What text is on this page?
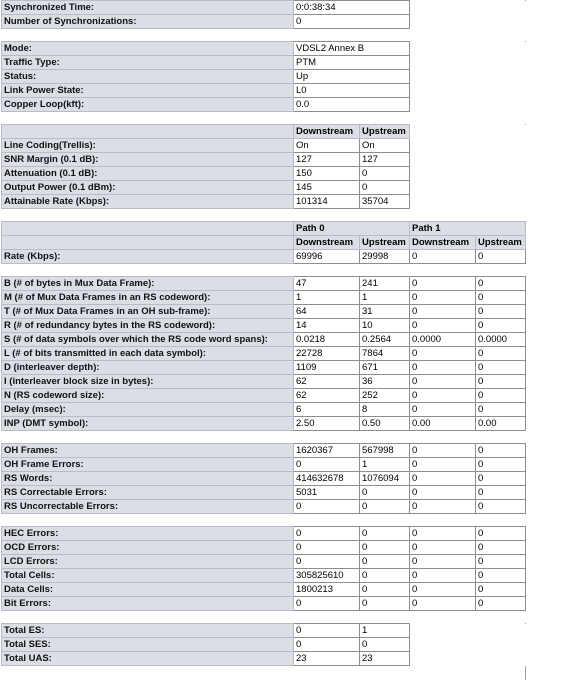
Synchronized Time:	0:0:38:34			
Number of Synchronizations:	0			

Mode:	VDSL2 Annex B			
Traffic Type:	PTM			
Status:	Up			
Link Power State:	L0			
Copper Loop(kft):	0.0			

	Downstream	Upstream		
Line Coding(Trellis):	On	On		
SNR Margin (0.1 dB):	127	127		
Attenuation (0.1 dB):	150	0		
Output Power (0.1 dBm):	145	0		
Attainable Rate (Kbps):	101314	35704		

	Path 0		Path 1	
	Downstream	Upstream	Downstream	Upstream
Rate (Kbps):	69996	29998	0	0

B (# of bytes in Mux Data Frame):	47	241	0	0
M (# of Mux Data Frames in an RS codeword):	1	1	0	0
T (# of Mux Data Frames in an OH sub-frame):	64	31	0	0
R (# of redundancy bytes in the RS codeword):	14	10	0	0
S (# of data symbols over which the RS code word spans):	0.0218	0.2564	0.0000	0.0000
L (# of bits transmitted in each data symbol):	22728	7864	0	0
D (interleaver depth):	1109	671	0	0
I (interleaver block size in bytes):	62	36	0	0
N (RS codeword size):	62	252	0	0
Delay (msec):	6	8	0	0
INP (DMT symbol):	2.50	0.50	0.00	0.00

OH Frames:	1620367	567998	0	0
OH Frame Errors:	0	1	0	0
RS Words:	414632678	1076094	0	0
RS Correctable Errors:	5031	0	0	0
RS Uncorrectable Errors:	0	0	0	0

HEC Errors:	0	0	0	0
OCD Errors:	0	0	0	0
LCD Errors:	0	0	0	0
Total Cells:	305825610	0	0	0
Data Cells:	1800213	0	0	0
Bit Errors:	0	0	0	0

Total ES:	0	1		
Total SES:	0	0		
Total UAS:	23	23		
